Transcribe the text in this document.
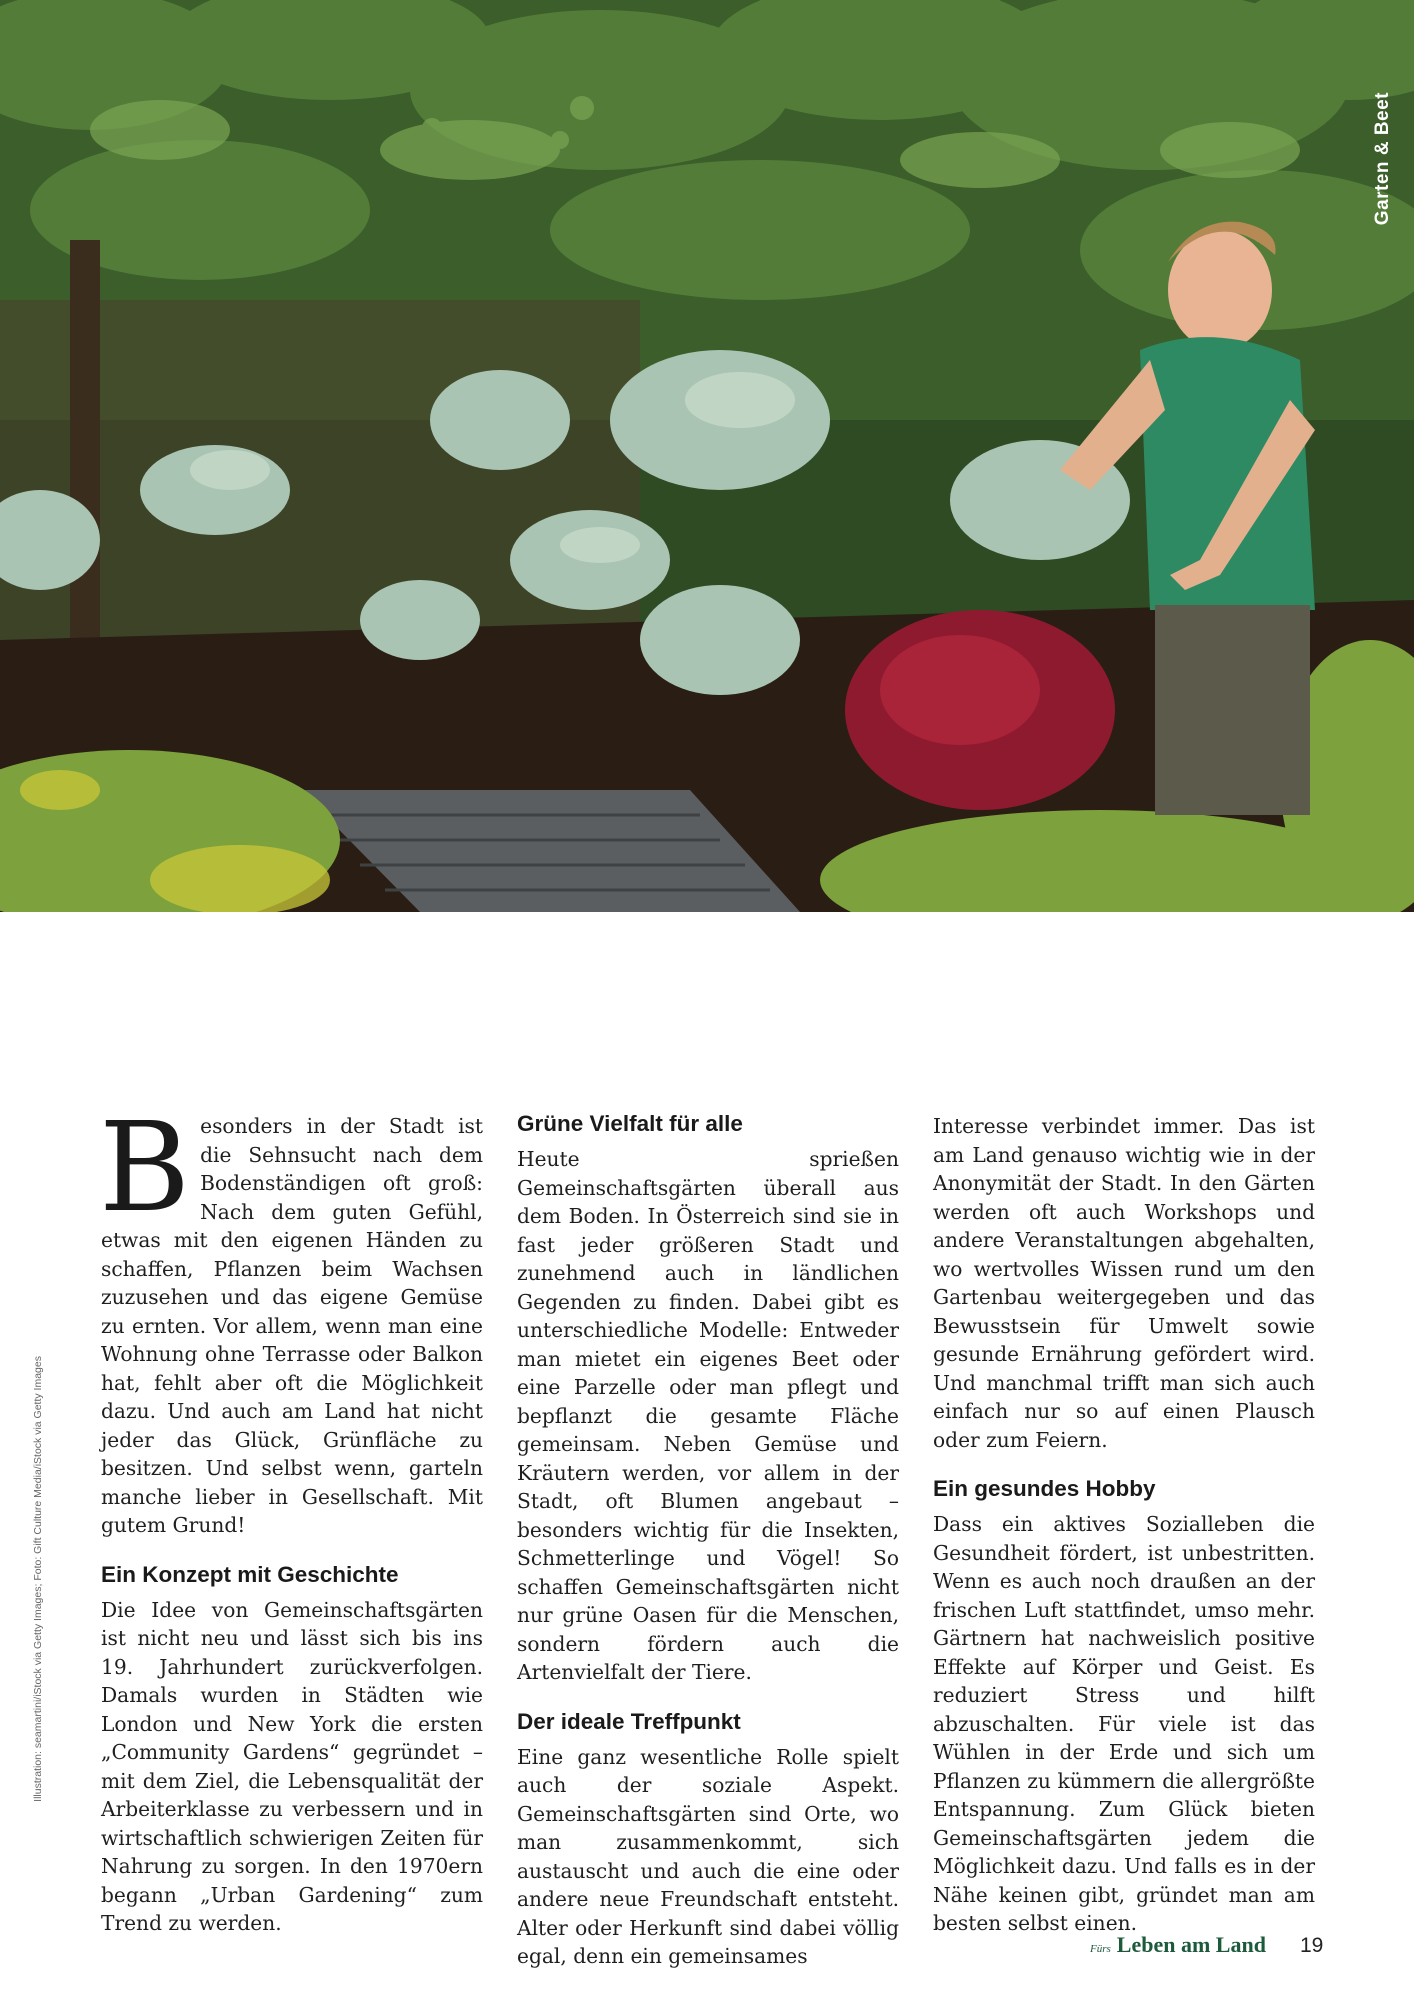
Garten & Beet
Illustration: seamartini/iStock via Getty Images; Foto: Gift Culture Media/iStock via Getty Images

Besonders in der Stadt ist die Sehnsucht nach dem Bodenständigen oft groß: Nach dem guten Gefühl, etwas mit den eigenen Händen zu schaffen, Pflanzen beim Wachsen zuzusehen und das eigene Gemüse zu ernten. Vor allem, wenn man eine Wohnung ohne Terrasse oder Balkon hat, fehlt aber oft die Möglichkeit dazu. Und auch am Land hat nicht jeder das Glück, Grünfläche zu besitzen. Und selbst wenn, garteln manche lieber in Gesellschaft. Mit gutem Grund!

Ein Konzept mit Geschichte

Die Idee von Gemeinschaftsgärten ist nicht neu und lässt sich bis ins 19. Jahrhundert zurückverfolgen. Damals wurden in Städten wie London und New York die ersten „Community Gardens“ gegründet – mit dem Ziel, die Lebensqualität der Arbeiterklasse zu verbessern und in wirtschaftlich schwierigen Zeiten für Nahrung zu sorgen. In den 1970ern begann „Urban Gardening“ zum Trend zu werden.

Grüne Vielfalt für alle

Heute sprießen Gemeinschaftsgärten überall aus dem Boden. In Österreich sind sie in fast jeder größeren Stadt und zunehmend auch in ländlichen Gegenden zu finden. Dabei gibt es unterschiedliche Modelle: Entweder man mietet ein eigenes Beet oder eine Parzelle oder man pflegt und bepflanzt die gesamte Fläche gemeinsam. Neben Gemüse und Kräutern werden, vor allem in der Stadt, oft Blumen angebaut – besonders wichtig für die Insekten, Schmetterlinge und Vögel! So schaffen Gemeinschaftsgärten nicht nur grüne Oasen für die Menschen, sondern fördern auch die Artenvielfalt der Tiere.

Der ideale Treffpunkt

Eine ganz wesentliche Rolle spielt auch der soziale Aspekt. Gemeinschaftsgärten sind Orte, wo man zusammenkommt, sich austauscht und auch die eine oder andere neue Freundschaft entsteht. Alter oder Herkunft sind dabei völlig egal, denn ein gemeinsames

Interesse verbindet immer. Das ist am Land genauso wichtig wie in der Anonymität der Stadt. In den Gärten werden oft auch Workshops und andere Veranstaltungen abgehalten, wo wertvolles Wissen rund um den Gartenbau weitergegeben und das Bewusstsein für Umwelt sowie gesunde Ernährung gefördert wird. Und manchmal trifft man sich auch einfach nur so auf einen Plausch oder zum Feiern.

Ein gesundes Hobby

Dass ein aktives Sozialleben die Gesundheit fördert, ist unbestritten. Wenn es auch noch draußen an der frischen Luft stattfindet, umso mehr. Gärtnern hat nachweislich positive Effekte auf Körper und Geist. Es reduziert Stress und hilft abzuschalten. Für viele ist das Wühlen in der Erde und sich um Pflanzen zu kümmern die allergrößte Entspannung. Zum Glück bieten Gemeinschaftsgärten jedem die Möglichkeit dazu. Und falls es in der Nähe keinen gibt, gründet man am besten selbst einen.

Fürs Leben am Land 19
